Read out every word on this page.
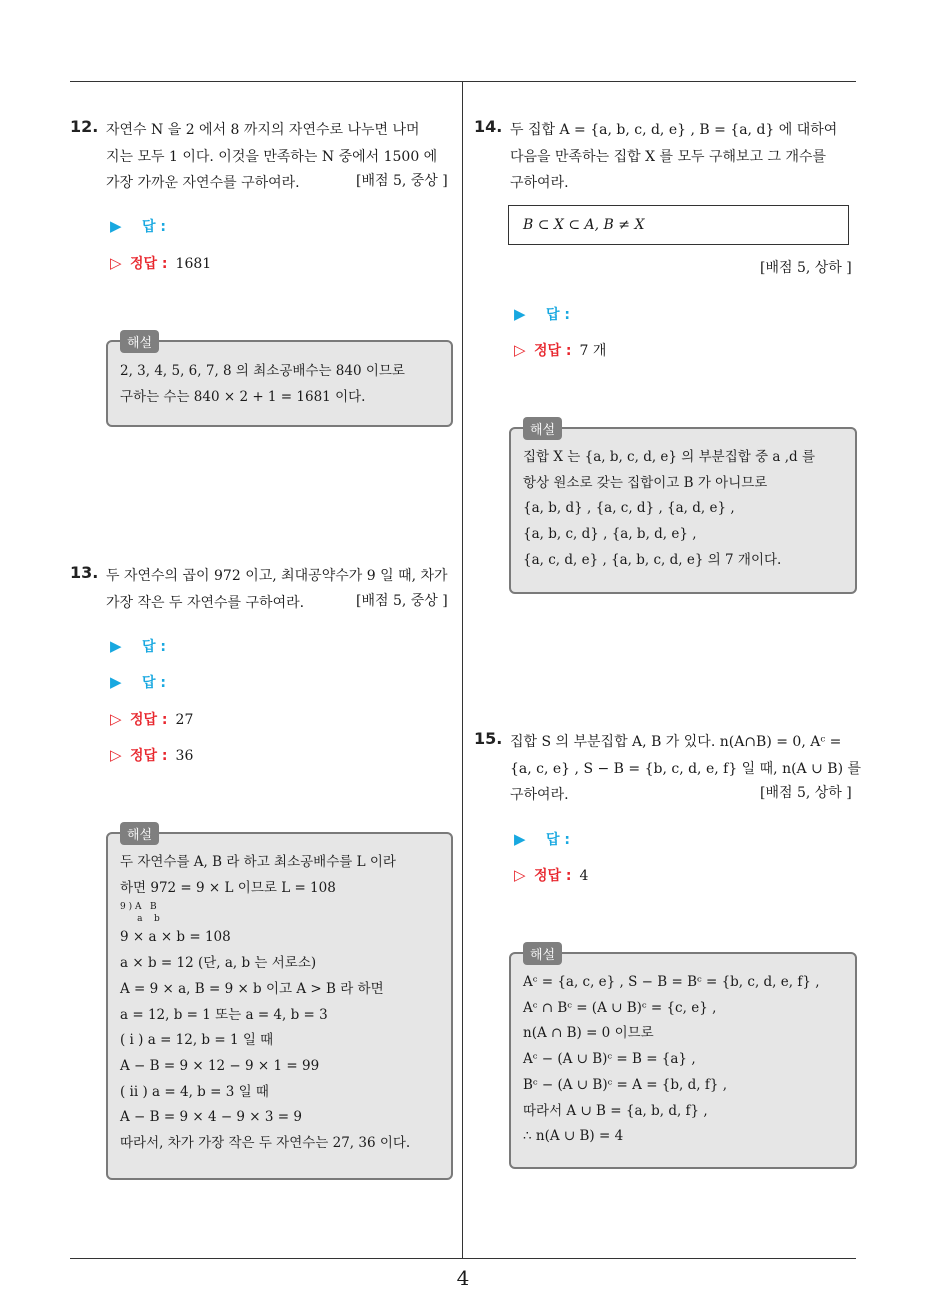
4
12. 자연수 N 을 2 에서 8 까지의 자연수로 나누면 나머
지는 모두 1 이다. 이것을 만족하는 N 중에서 1500 에
가장 가까운 자연수를 구하여라.	[배점 5, 중상 ]
▶ 답 :
▷ 정답 : 1681
해설
2, 3, 4, 5, 6, 7, 8 의 최소공배수는 840 이므로
구하는 수는 840 × 2 + 1 = 1681 이다.
13. 두 자연수의 곱이 972 이고, 최대공약수가 9 일 때, 차가
가장 작은 두 자연수를 구하여라.	[배점 5, 중상 ]
▶ 답 :
▶ 답 :
▷ 정답 : 27
▷ 정답 : 36
해설
두 자연수를 A, B 라 하고 최소공배수를 L 이라
하면 972 = 9 × L 이므로 L = 108
9 ) A   B
a    b
9 × a × b = 108
a × b = 12 (단, a, b 는 서로소)
A = 9 × a, B = 9 × b 이고 A > B 라 하면
a = 12, b = 1 또는 a = 4, b = 3
( i ) a = 12, b = 1 일 때
A − B = 9 × 12 − 9 × 1 = 99
( ii ) a = 4, b = 3 일 때
A − B = 9 × 4 − 9 × 3 = 9
따라서, 차가 가장 작은 두 자연수는 27, 36 이다.
14. 두 집합 A = {a, b, c, d, e} , B = {a, d} 에 대하여
다음을 만족하는 집합 X 를 모두 구해보고 그 개수를
구하여라.
B ⊂ X ⊂ A, B ≠ X
[배점 5, 상하 ]
▶ 답 :
▷ 정답 : 7 개
해설
집합 X 는 {a, b, c, d, e} 의 부분집합 중 a ,d 를
항상 원소로 갖는 집합이고 B 가 아니므로
{a, b, d} , {a, c, d} , {a, d, e} ,
{a, b, c, d} , {a, b, d, e} ,
{a, c, d, e} , {a, b, c, d, e} 의 7 개이다.
15. 집합 S 의 부분집합 A, B 가 있다. n(A∩B) = 0, Aᶜ =
{a, c, e} , S − B = {b, c, d, e, f} 일 때, n(A ∪ B) 를
구하여라.	[배점 5, 상하 ]
▶ 답 :
▷ 정답 : 4
해설
Aᶜ = {a, c, e} , S − B = Bᶜ = {b, c, d, e, f} ,
Aᶜ ∩ Bᶜ = (A ∪ B)ᶜ = {c, e} ,
n(A ∩ B) = 0 이므로
Aᶜ − (A ∪ B)ᶜ = B = {a} ,
Bᶜ − (A ∪ B)ᶜ = A = {b, d, f} ,
따라서 A ∪ B = {a, b, d, f} ,
∴ n(A ∪ B) = 4
